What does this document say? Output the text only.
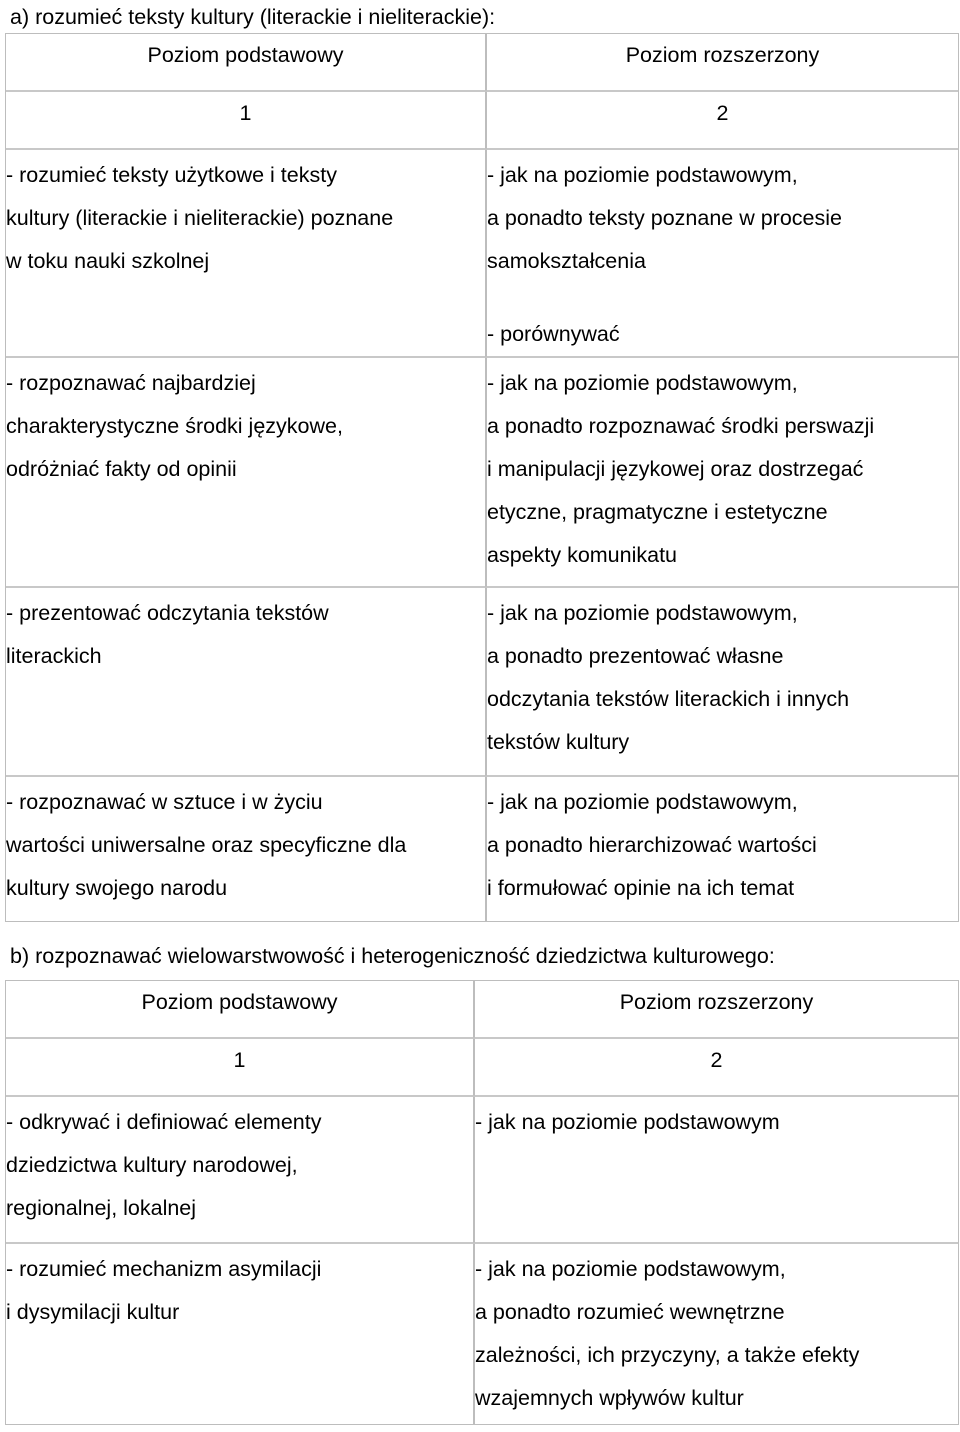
a) rozumieć teksty kultury (literackie i nieliterackie):

Poziom podstawowy	Poziom rozszerzony
1	2

- rozumieć teksty użytkowe i teksty
kultury (literackie i nieliterackie) poznane
w toku nauki szkolnej	- jak na poziomie podstawowym,
a ponadto teksty poznane w procesie
samokształcenia
- porównywać

- rozpoznawać najbardziej
charakterystyczne środki językowe,
odróżniać fakty od opinii	- jak na poziomie podstawowym,
a ponadto rozpoznawać środki perswazji
i manipulacji językowej oraz dostrzegać
etyczne, pragmatyczne i estetyczne
aspekty komunikatu

- prezentować odczytania tekstów
literackich	- jak na poziomie podstawowym,
a ponadto prezentować własne
odczytania tekstów literackich i innych
tekstów kultury

- rozpoznawać w sztuce i w życiu
wartości uniwersalne oraz specyficzne dla
kultury swojego narodu	- jak na poziomie podstawowym,
a ponadto hierarchizować wartości
i formułować opinie na ich temat

b) rozpoznawać wielowarstwowość i heterogeniczność dziedzictwa kulturowego:

Poziom podstawowy	Poziom rozszerzony
1	2

- odkrywać i definiować elementy
dziedzictwa kultury narodowej,
regionalnej, lokalnej	- jak na poziomie podstawowym

- rozumieć mechanizm asymilacji
i dysymilacji kultur	- jak na poziomie podstawowym,
a ponadto rozumieć wewnętrzne
zależności, ich przyczyny, a także efekty
wzajemnych wpływów kultur
